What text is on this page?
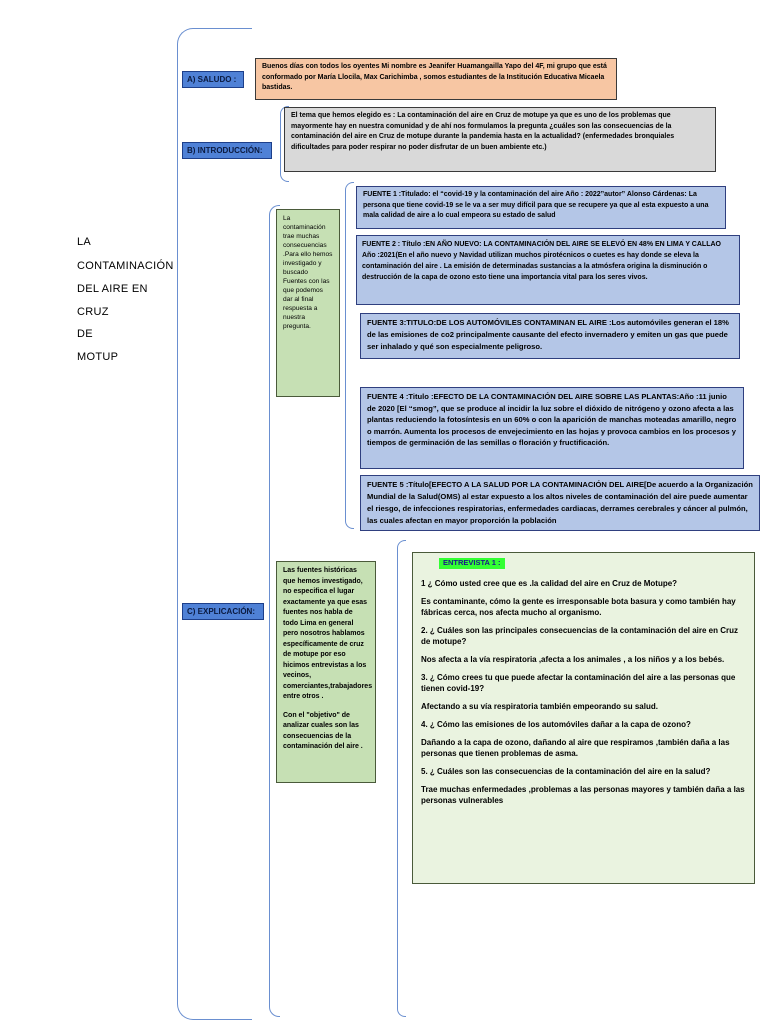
LA
CONTAMINACIÓN
DEL AIRE EN
CRUZ
DE
MOTUP
A) SALUDO :
B) INTRODUCCIÓN:
C) EXPLICACIÓN:
Buenos días con todos los oyentes Mi nombre es Jeanifer Huamangailla Yapo del 4F, mi grupo que está conformado por María Llocila, Max Carichimba , somos estudiantes de la Institución Educativa Micaela bastidas.
El tema que hemos elegido es : La contaminación del aire en Cruz de motupe ya que es uno de los problemas que mayormente hay en nuestra comunidad y de ahí nos formulamos la pregunta ¿cuáles son las consecuencias de la contaminación del aire en Cruz de motupe durante la pandemia hasta en la actualidad? (enfermedades bronquiales dificultades para poder respirar no poder disfrutar de un buen ambiente etc.)
La contaminación trae muchas consecuencias .Para ello hemos investigado y buscado Fuentes con las que podemos dar al final respuesta a nuestra pregunta.
FUENTE 1 :Titulado: el “covid-19 y la contaminación del aire Año : 2022”autor” Alonso Cárdenas: La persona que tiene covid-19 se le va a ser muy difícil para que se recupere ya que al esta expuesto a una mala calidad de aire a lo cual empeora su estado de salud
FUENTE 2 : Título :EN AÑO NUEVO: LA CONTAMINACIÓN DEL AIRE SE ELEVÓ EN 48% EN LIMA Y CALLAO Año :2021(En el año nuevo y Navidad utilizan muchos pirotécnicos o cuetes es hay donde se eleva la contaminación del aire . La emisión de determinadas sustancias a la atmósfera origina la disminución o destrucción de la capa de ozono esto tiene una importancia vital para los seres vivos.
FUENTE 3:TITULO:DE LOS AUTOMÓVILES CONTAMINAN EL AIRE :Los automóviles generan el 18% de las emisiones de co2 principalmente causante del efecto invernadero y emiten un gas que puede ser inhalado y qué son especialmente peligroso.
FUENTE 4 :Titulo :EFECTO DE LA CONTAMINACIÓN DEL AIRE SOBRE LAS PLANTAS:Año :11 junio de 2020 [El “smog”, que se produce al incidir la luz sobre el dióxido de nitrógeno y ozono afecta a las plantas reduciendo la fotosíntesis en un 60% o con la aparición de manchas moteadas amarillo, negro o marrón. Aumenta los procesos de envejecimiento en las hojas y provoca cambios en los procesos y tiempos de germinación de las semillas o floración y fructificación.
FUENTE 5 :Título[EFECTO A LA SALUD POR LA CONTAMINACIÓN DEL AIRE[De acuerdo a la Organización Mundial de la Salud(OMS) al estar expuesto a los altos niveles de contaminación del aire puede aumentar el riesgo, de infecciones respiratorias, enfermedades cardiacas, derrames cerebrales y cáncer al pulmón, las cuales afectan en mayor proporción la población
Las fuentes históricas que hemos investigado, no especifica el lugar exactamente ya que esas fuentes nos habla de todo Lima en general pero nosotros hablamos específicamente de cruz de motupe por eso hicimos entrevistas a los vecinos, comerciantes,trabajadores entre otros .
Con el "objetivo" de analizar cuales son las consecuencias de la contaminación del aire .
ENTREVISTA 1 :

1 ¿ Cómo usted cree que es .la calidad del aire en Cruz de Motupe?

Es contaminante, cómo la gente es irresponsable bota basura y como también hay fábricas cerca, nos afecta mucho al organismo.

2. ¿ Cuáles son las principales consecuencias de la contaminación del aire en Cruz de motupe?

Nos afecta a la vía respiratoria ,afecta a los animales , a los niños y a los bebés.

3. ¿ Cómo crees tu que puede afectar la contaminación del aire a las personas que tienen covid-19?

Afectando a su vía respiratoria también empeorando su salud.

4. ¿ Cómo las emisiones de los automóviles dañar a la capa de ozono?

Dañando a la capa de ozono, dañando al aire que respiramos ,también daña a las personas que tienen problemas de asma.

5. ¿ Cuáles son las consecuencias de la contaminación del aire en la salud?

Trae muchas enfermedades ,problemas a las personas mayores y también daña a las personas vulnerables
